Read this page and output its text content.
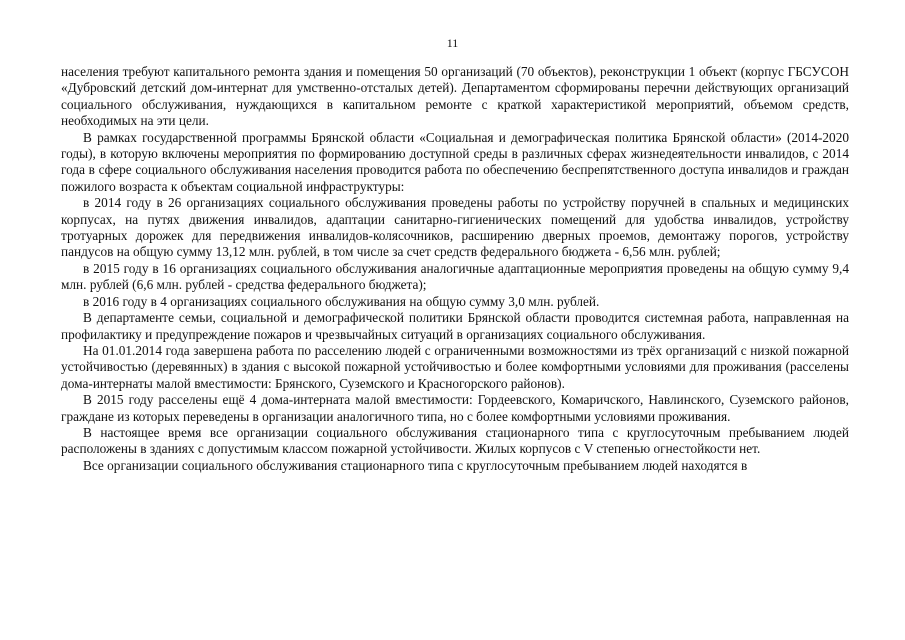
11

населения требуют капитального ремонта здания и помещения 50 организаций (70 объектов), реконструкции 1 объект (корпус ГБСУСОН «Дубровский детский дом-интернат для умственно-отсталых детей). Департаментом сформированы перечни действующих организаций социального обслуживания, нуждающихся в капитальном ремонте с краткой характеристикой мероприятий, объемом средств, необходимых на эти цели.

В рамках государственной программы Брянской области «Социальная и демографическая политика Брянской области» (2014-2020 годы), в которую включены мероприятия по формированию доступной среды в различных сферах жизнедеятельности инвалидов, с 2014 года в сфере социального обслуживания населения проводится работа по обеспечению беспрепятственного доступа инвалидов и граждан пожилого возраста к объектам социальной инфраструктуры:

в 2014 году в 26 организациях социального обслуживания проведены работы по устройству поручней в спальных и медицинских корпусах, на путях движения инвалидов, адаптации санитарно-гигиенических помещений для удобства инвалидов, устройству тротуарных дорожек для передвижения инвалидов-колясочников, расширению дверных проемов, демонтажу порогов, устройству пандусов на общую сумму 13,12 млн. рублей, в том числе за счет средств федерального бюджета - 6,56 млн. рублей;

в 2015 году в 16 организациях социального обслуживания аналогичные адаптационные мероприятия проведены на общую сумму 9,4 млн. рублей (6,6 млн. рублей - средства федерального бюджета);

в 2016 году в 4 организациях социального обслуживания на общую сумму 3,0 млн. рублей.

В департаменте семьи, социальной и демографической политики Брянской области проводится системная работа, направленная на профилактику и предупреждение пожаров и чрезвычайных ситуаций в организациях социального обслуживания.

На 01.01.2014 года завершена работа по расселению людей с ограниченными возможностями из трёх организаций с низкой пожарной устойчивостью (деревянных) в здания с высокой пожарной устойчивостью и более комфортными условиями для проживания (расселены дома-интернаты малой вместимости: Брянского, Суземского и Красногорского районов).

В 2015 году расселены ещё 4 дома-интерната малой вместимости: Гордеевского, Комаричского, Навлинского, Суземского районов, граждане из которых переведены в организации аналогичного типа, но с более комфортными условиями проживания.

В настоящее время все организации социального обслуживания стационарного типа с круглосуточным пребыванием людей расположены в зданиях с допустимым классом пожарной устойчивости. Жилых корпусов с V степенью огнестойкости нет.

Все организации социального обслуживания стационарного типа с круглосуточным пребыванием людей находятся в
